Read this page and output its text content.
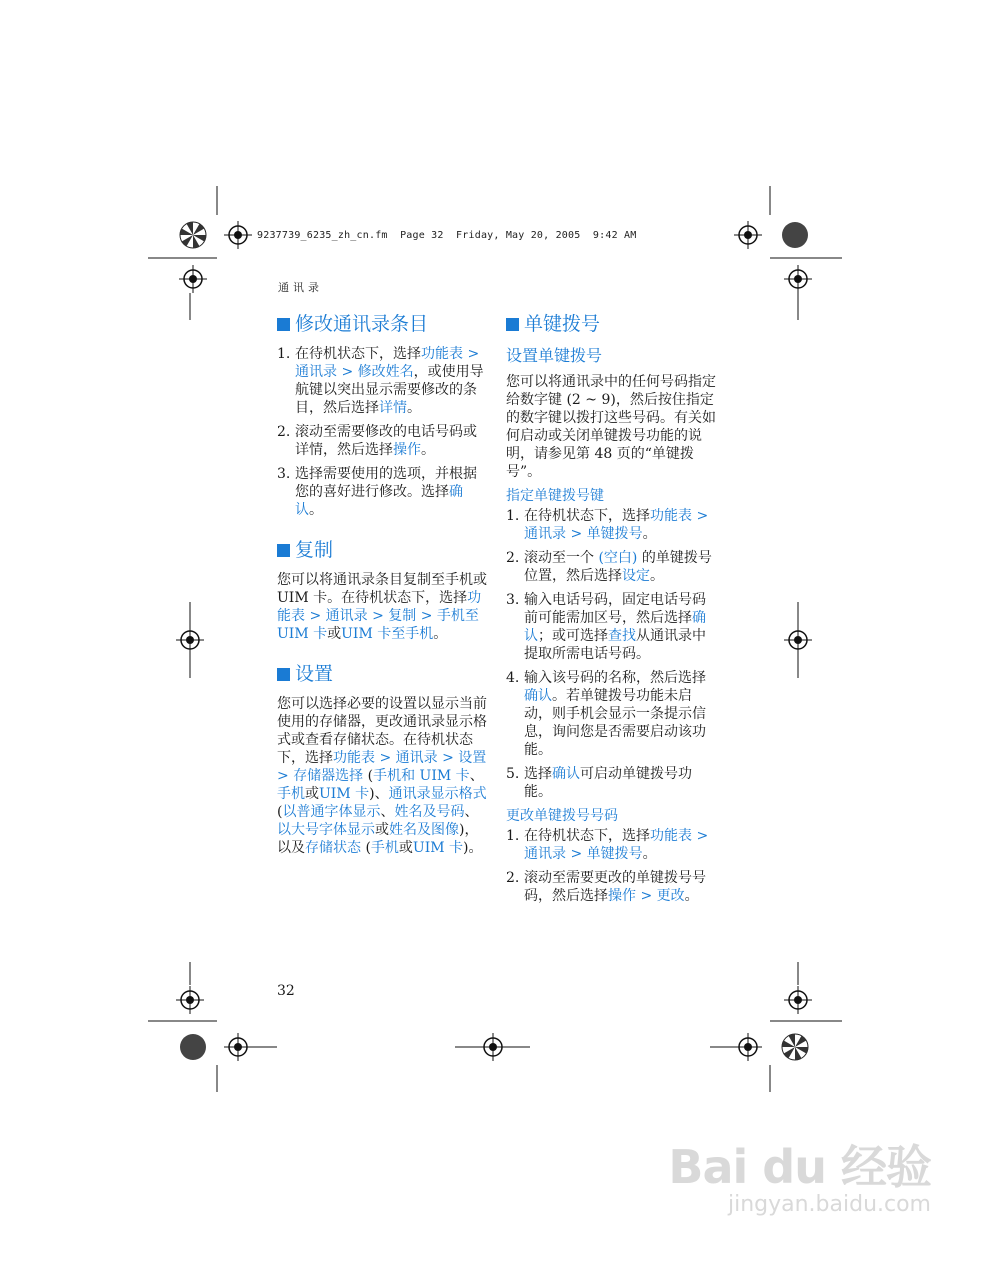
9237739_6235_zh_cn.fm  Page 32  Friday, May 20, 2005  9:42 AM
通讯录
修改通讯录条目
1. 在待机状态下，选择功能表 > 通讯录 > 修改姓名，或使用导航键以突出显示需要修改的条目，然后选择详情。
2. 滚动至需要修改的电话号码或详情，然后选择操作。
3. 选择需要使用的选项，并根据您的喜好进行修改。选择确认。
复制

您可以将通讯录条目复制至手机或 UIM 卡。在待机状态下，选择功能表 > 通讯录 > 复制 > 手机至 UIM 卡或UIM 卡至手机。

设置

您可以选择必要的设置以显示当前使用的存储器，更改通讯录显示格式或查看存储状态。在待机状态下，选择功能表 > 通讯录 > 设置 > 存储器选择 (手机和 UIM 卡、手机或UIM 卡)、通讯录显示格式 (以普通字体显示、姓名及号码、以大号字体显示或姓名及图像)，以及存储状态 (手机或UIM 卡)。

单键拨号
设置单键拨号

您可以将通讯录中的任何号码指定给数字键 (2 ~ 9)，然后按住指定的数字键以拨打这些号码。有关如何启动或关闭单键拨号功能的说明，请参见第 48 页的“单键拨号”。

指定单键拨号键
1. 在待机状态下，选择功能表 > 通讯录 > 单键拨号。
2. 滚动至一个 (空白) 的单键拨号位置，然后选择设定。
3. 输入电话号码，固定电话号码前可能需加区号，然后选择确认；或可选择查找从通讯录中提取所需电话号码。
4. 输入该号码的名称，然后选择确认。若单键拨号功能未启动，则手机会显示一条提示信息，询问您是否需要启动该功能。
5. 选择确认可启动单键拨号功能。
更改单键拨号号码
1. 在待机状态下，选择功能表 > 通讯录 > 单键拨号。
2. 滚动至需要更改的单键拨号号码，然后选择操作 > 更改。
32
Bai du 经验
jingyan.baidu.com
